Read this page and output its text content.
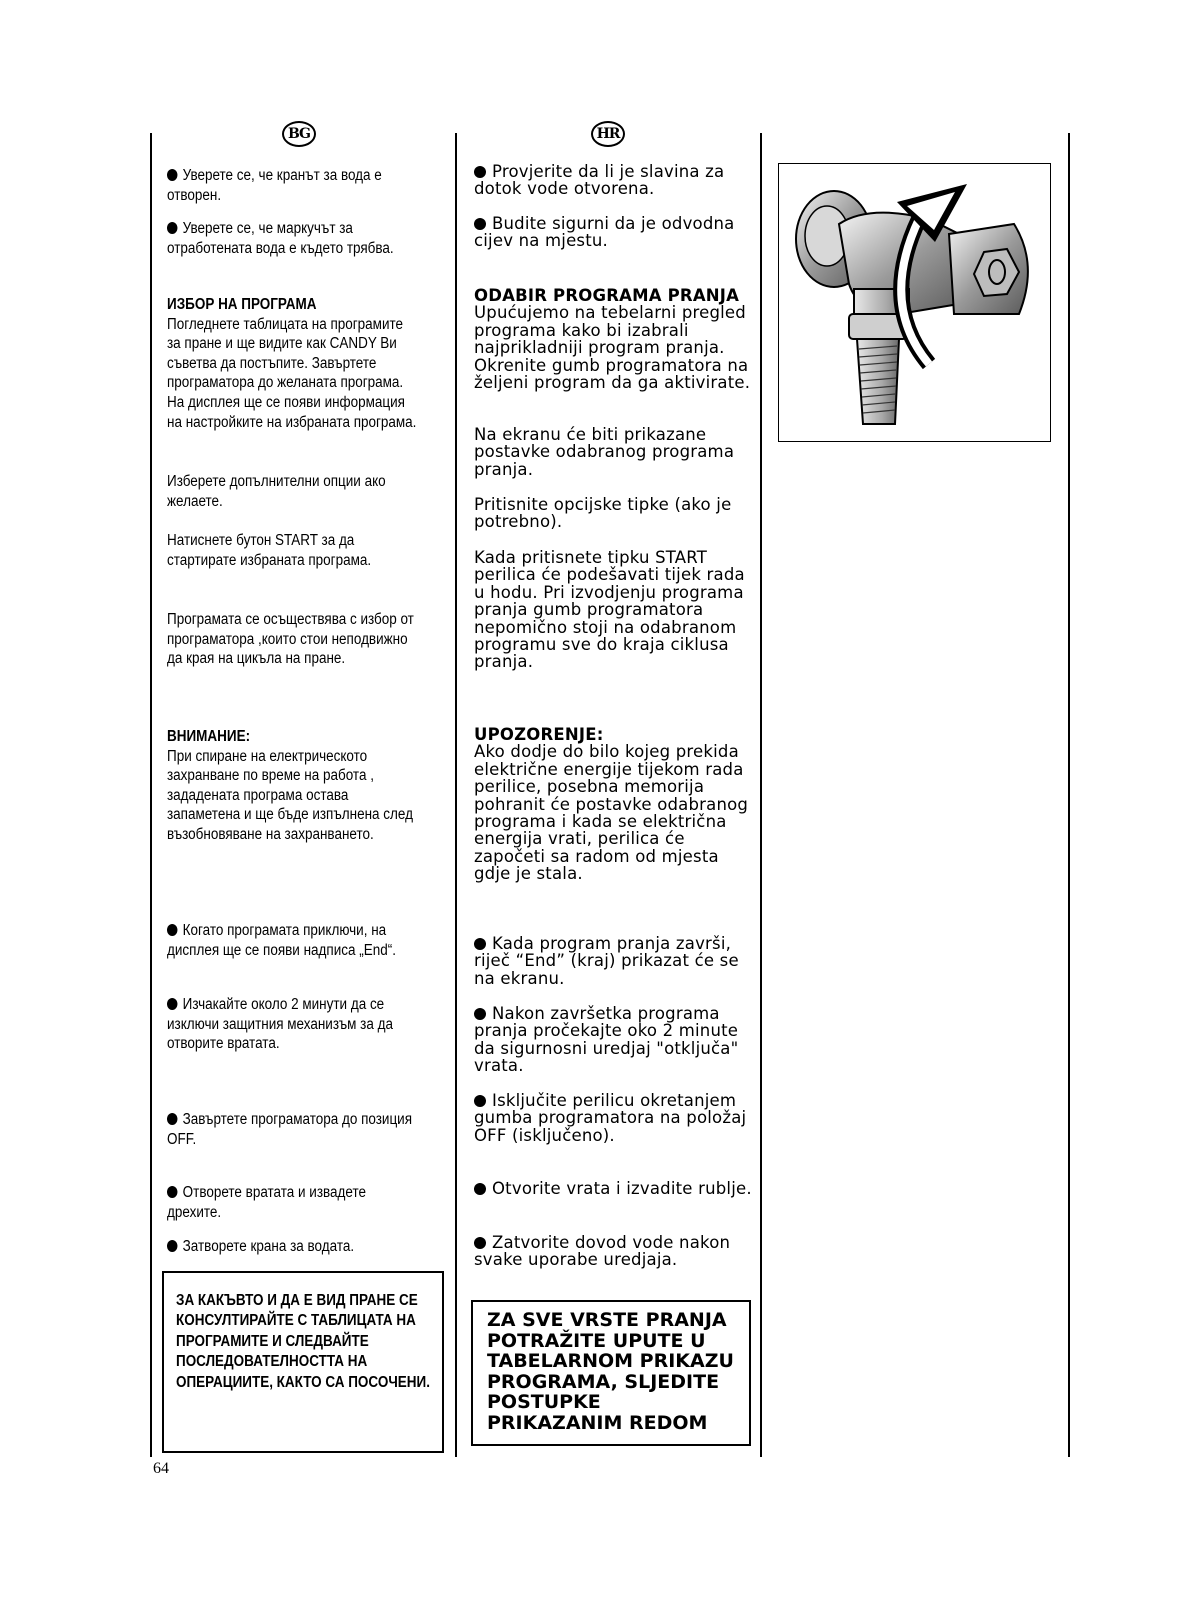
BG	HR

Уверете се, че кранът за вода е отворен.

Уверете се, че маркучът за отработената вода е където трябва.

ИЗБОР НА ПРОГРАМА
Погледнете таблицата на програмите за пране и ще видите как CANDY Ви съветва да постъпите. Завъртете програматора до желаната програма. На дисплея ще се появи информация на настройките на избраната програма.

Изберете допълнителни опции ако желаете.

Натиснете бутон START за да стартирате избраната програма.

Програмата се осъществява с избор от програматора ,които стои неподвижно да края на цикъла на пране.

ВНИМАНИЕ:
При спиране на електрическото захранване по време на работа , зададената програма остава запаметена и ще бъде изпълнена след възобновяване на захранването.

Когато програмата приключи, на дисплея ще се появи надписа „End“.

Изчакайте около 2 минути да се изключи защитния механизъм за да отворите вратата.

Завъртете програматора до позиция OFF.

Отворете вратата и извадете дрехите.

Затворете крана за водата.

ЗА КАКЪВТО И ДА Е ВИД ПРАНЕ СЕ КОНСУЛТИРАЙТЕ С ТАБЛИЦАТА НА ПРОГРАМИТЕ И СЛЕДВАЙТЕ ПОСЛЕДОВАТЕЛНОСТТА НА ОПЕРАЦИИТЕ, КАКТО СА ПОСОЧЕНИ.

Provjerite da li je slavina za dotok vode otvorena.

Budite sigurni da je odvodna cijev na mjestu.

ODABIR PROGRAMA PRANJA
Upućujemo na tebelarni pregled programa kako bi izabrali najprikladniji program pranja. Okrenite gumb programatora na željeni program da ga aktivirate.

Na ekranu će biti prikazane postavke odabranog programa pranja.

Pritisnite opcijske tipke (ako je potrebno).

Kada pritisnete tipku START perilica će podešavati tijek rada u hodu. Pri izvodjenju programa pranja gumb programatora nepomično stoji na odabranom programu sve do kraja ciklusa pranja.

UPOZORENJE:
Ako dodje do bilo kojeg prekida električne energije tijekom rada perilice, posebna memorija pohranit će postavke odabranog programa i kada se električna energija vrati, perilica će započeti sa radom od mjesta gdje je stala.

Kada program pranja završi, riječ “End” (kraj) prikazat će se na ekranu.

Nakon završetka programa pranja pročekajte oko 2 minute da sigurnosni uredjaj "otključa" vrata.

Isključite perilicu okretanjem gumba programatora na položaj OFF (isključeno).

Otvorite vrata i izvadite rublje.

Zatvorite dovod vode nakon svake uporabe uredjaja.

ZA SVE VRSTE PRANJA POTRAŽITE UPUTE U TABELARNOM PRIKAZU PROGRAMA, SLJEDITE POSTUPKE PRIKAZANIM REDOM
64
